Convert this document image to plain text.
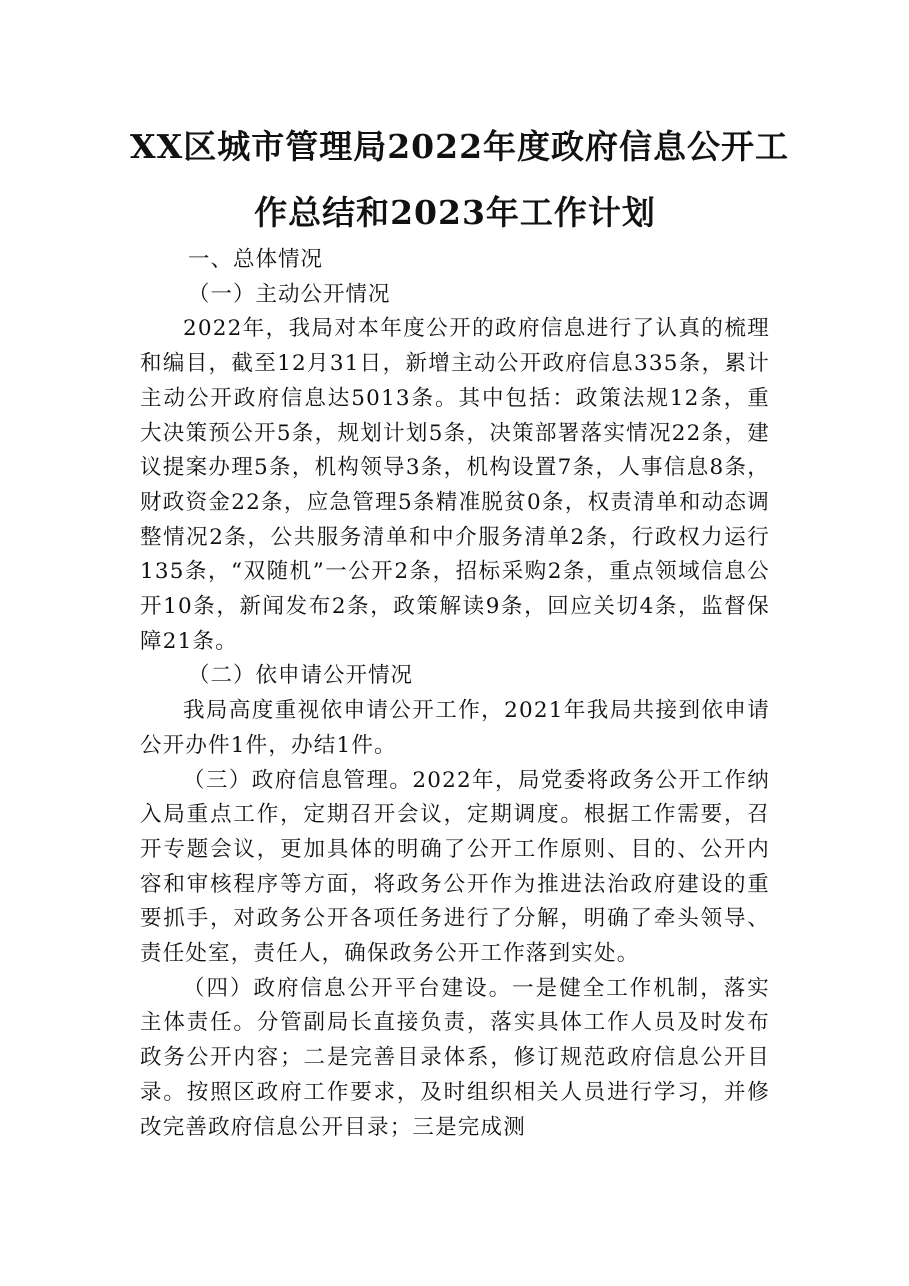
XX区城市管理局2022年度政府信息公开工
作总结和2023年工作计划

一、总体情况

（一）主动公开情况

2022年，我局对本年度公开的政府信息进行了认真的梳理和编目，截至12月31日，新增主动公开政府信息335条，累计主动公开政府信息达5013条。其中包括：政策法规12条，重大决策预公开5条，规划计划5条，决策部署落实情况22条，建议提案办理5条，机构领导3条，机构设置7条，人事信息8条，财政资金22条，应急管理5条精准脱贫0条，权责清单和动态调整情况2条，公共服务清单和中介服务清单2条，行政权力运行135条，“双随机”一公开2条，招标采购2条，重点领域信息公开10条，新闻发布2条，政策解读9条，回应关切4条，监督保障21条。

（二）依申请公开情况

我局高度重视依申请公开工作，2021年我局共接到依申请公开办件1件，办结1件。

（三）政府信息管理。2022年，局党委将政务公开工作纳入局重点工作，定期召开会议，定期调度。根据工作需要，召开专题会议，更加具体的明确了公开工作原则、目的、公开内容和审核程序等方面，将政务公开作为推进法治政府建设的重要抓手，对政务公开各项任务进行了分解，明确了牵头领导、责任处室，责任人，确保政务公开工作落到实处。

（四）政府信息公开平台建设。一是健全工作机制，落实主体责任。分管副局长直接负责，落实具体工作人员及时发布政务公开内容；二是完善目录体系，修订规范政府信息公开目录。按照区政府工作要求，及时组织相关人员进行学习，并修改完善政府信息公开目录；三是完成测
